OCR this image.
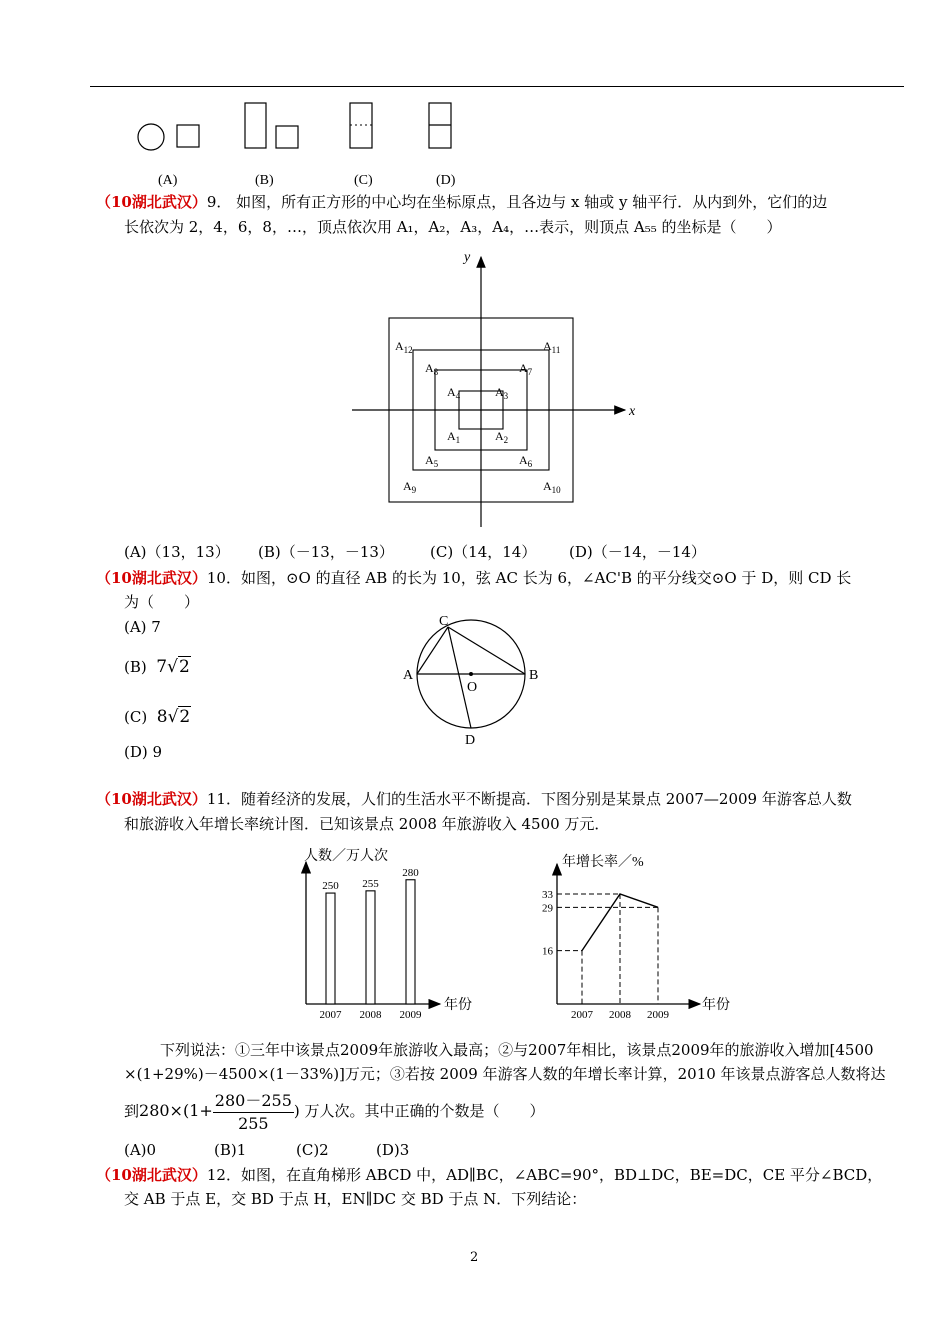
(A)	(B)	(C)	(D)
（10湖北武汉）9． 如图，所有正方形的中心均在坐标原点，且各边与 x 轴或 y 轴平行．从内到外，它们的边
长依次为 2，4，6，8，…，顶点依次用 A₁，A₂，A₃，A₄，…表示，则顶点 A₅₅ 的坐标是（　　）
x
y
$A_1$	$A_2$
$A_3$
$A_4$
$A_5$	$A_6$
$A_7$
$A_8$
$A_9$	$A_{10}$
$A_{11}$
$A_{12}$
(A)（13，13） (B)（－13，－13） (C)（14，14） (D)（－14，－14）
（10湖北武汉）10．如图，⊙O 的直径 AB 的长为 10，弦 AC 长为 6，∠AC'B 的平分线交⊙O 于 D，则 CD 长
为（　　）
(A) 7
(B) 7√2
(C) 8√2
(D) 9
A	B
C
D
O
（10湖北武汉）11．随着经济的发展，人们的生活水平不断提高．下图分别是某景点 2007—2009 年游客总人数
和旅游收入年增长率统计图．已知该景点 2008 年旅游收入 4500 万元．
人数／万人次
年份
250
2007
255
2008
280
2009
年增长率／%
年份
2007
16
2008
33
2009
29
下列说法：①三年中该景点2009年旅游收入最高；②与2007年相比，该景点2009年的旅游收入增加[4500
×(1+29%)－4500×(1－33%)]万元；③若按 2009 年游客人数的年增长率计算，2010 年该景点游客总人数将达
到$280\times(1+ \frac{280-255}{255}$ ) 万人次。其中正确的个数是（　　）
(A)0	(B)1	(C)2	(D)3
（10湖北武汉）12．如图，在直角梯形 ABCD 中，AD∥BC，∠ABC=90°，BD⊥DC，BE=DC，CE 平分∠BCD，
交 AB 于点 E，交 BD 于点 H，EN∥DC 交 BD 于点 N．下列结论：
2
